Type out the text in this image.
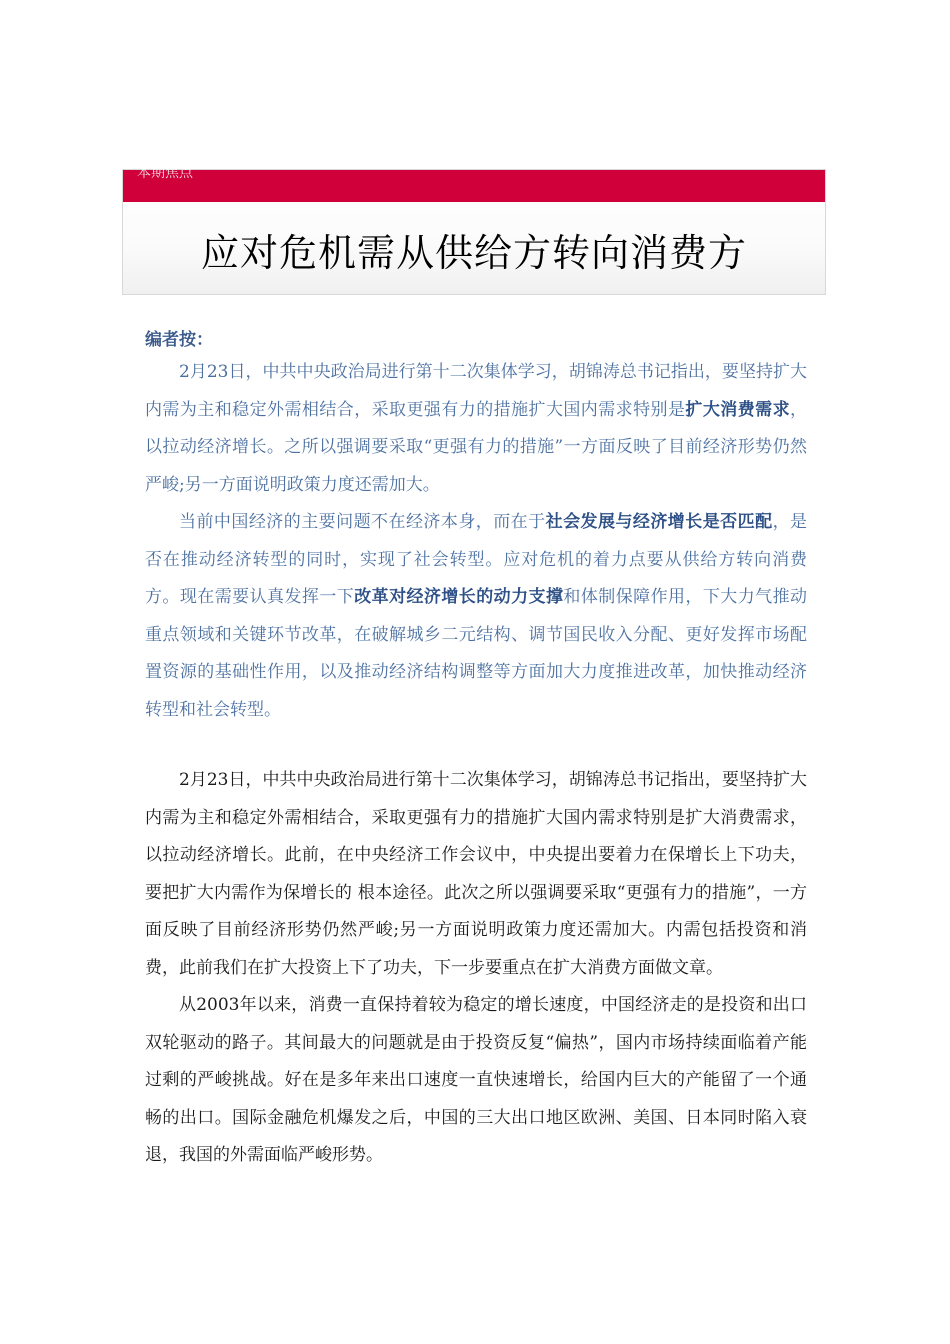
本期焦点
应对危机需从供给方转向消费方
编者按：

2月23日，中共中央政治局进行第十二次集体学习，胡锦涛总书记指出，要坚持扩大内需为主和稳定外需相结合，采取更强有力的措施扩大国内需求特别是扩大消费需求，以拉动经济增长。之所以强调要采取“更强有力的措施”一方面反映了目前经济形势仍然严峻;另一方面说明政策力度还需加大。

当前中国经济的主要问题不在经济本身，而在于社会发展与经济增长是否匹配，是否在推动经济转型的同时，实现了社会转型。应对危机的着力点要从供给方转向消费方。现在需要认真发挥一下改革对经济增长的动力支撑和体制保障作用，下大力气推动重点领域和关键环节改革，在破解城乡二元结构、调节国民收入分配、更好发挥市场配置资源的基础性作用，以及推动经济结构调整等方面加大力度推进改革，加快推动经济转型和社会转型。

2月23日，中共中央政治局进行第十二次集体学习，胡锦涛总书记指出，要坚持扩大内需为主和稳定外需相结合，采取更强有力的措施扩大国内需求特别是扩大消费需求，以拉动经济增长。此前，在中央经济工作会议中，中央提出要着力在保增长上下功夫，要把扩大内需作为保增长的 根本途径。此次之所以强调要采取“更强有力的措施”，一方面反映了目前经济形势仍然严峻;另一方面说明政策力度还需加大。内需包括投资和消费，此前我们在扩大投资上下了功夫，下一步要重点在扩大消费方面做文章。

从2003年以来，消费一直保持着较为稳定的增长速度，中国经济走的是投资和出口双轮驱动的路子。其间最大的问题就是由于投资反复“偏热”，国内市场持续面临着产能过剩的严峻挑战。好在是多年来出口速度一直快速增长，给国内巨大的产能留了一个通畅的出口。国际金融危机爆发之后，中国的三大出口地区欧洲、美国、日本同时陷入衰退，我国的外需面临严峻形势。
